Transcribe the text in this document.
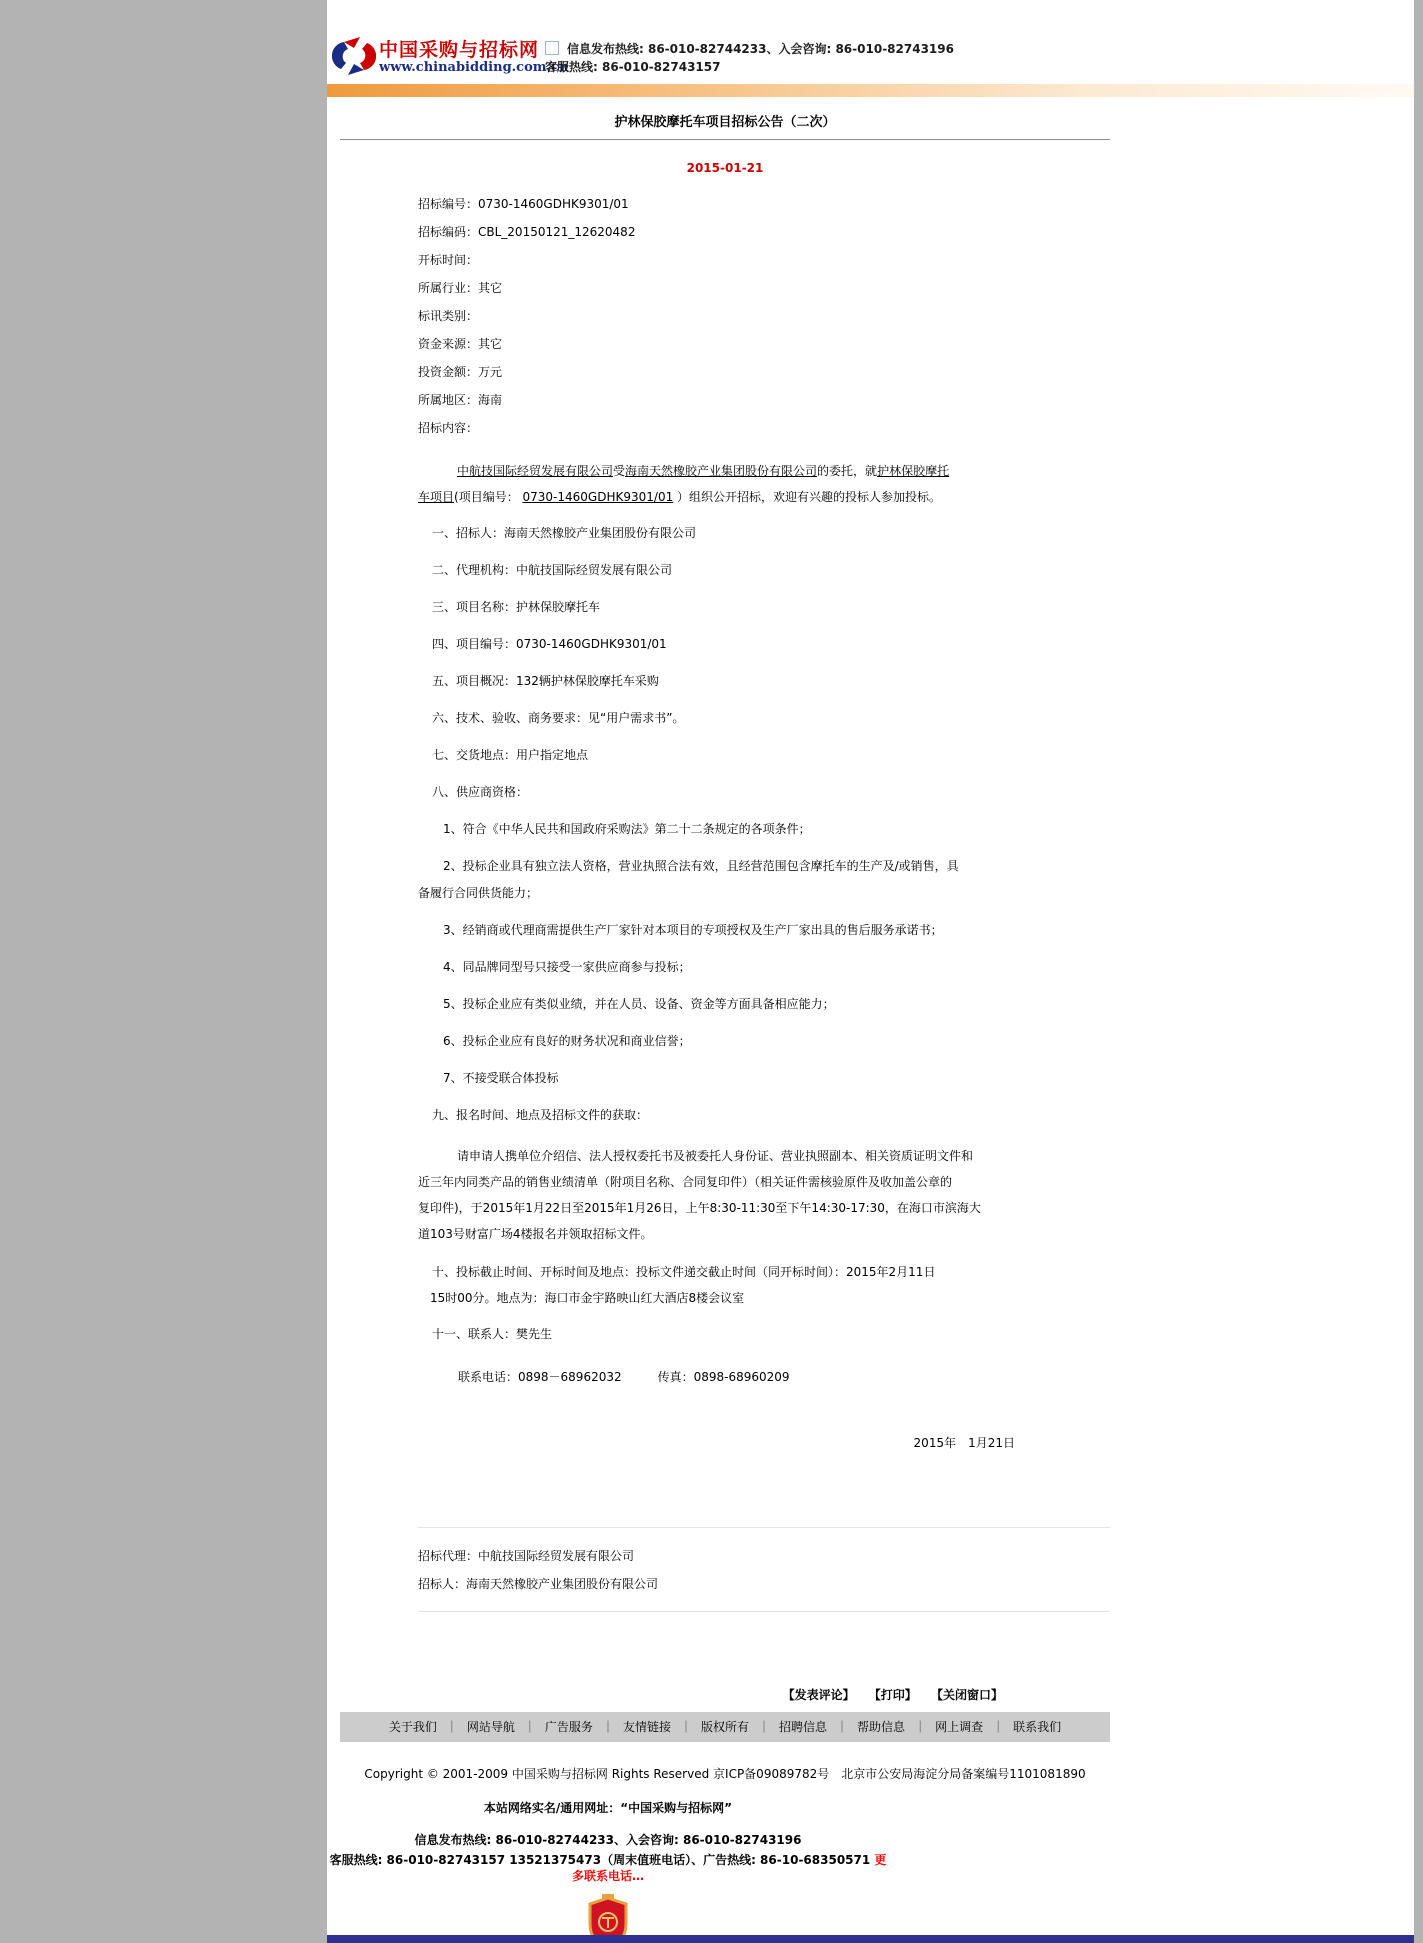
中国采购与招标网
www.chinabidding.com.cn
信息发布热线: 86-010-82744233、入会咨询: 86-010-82743196
客服热线: 86-010-82743157
护林保胶摩托车项目招标公告（二次）
2015-01-21
招标编号：0730-1460GDHK9301/01
招标编码：CBL_20150121_12620482
开标时间：
所属行业：其它
标讯类别：
资金来源：其它
投资金额：万元
所属地区：海南
招标内容：
中航技国际经贸发展有限公司受海南天然橡胶产业集团股份有限公司的委托，就护林保胶摩托
车项目(项目编号： 0730-1460GDHK9301/01 ）组织公开招标，欢迎有兴趣的投标人参加投标。
一、招标人：海南天然橡胶产业集团股份有限公司
二、代理机构：中航技国际经贸发展有限公司
三、项目名称：护林保胶摩托车
四、项目编号：0730-1460GDHK9301/01
五、项目概况：132辆护林保胶摩托车采购
六、技术、验收、商务要求：见“用户需求书”。
七、交货地点：用户指定地点
八、供应商资格：
1、符合《中华人民共和国政府采购法》第二十二条规定的各项条件；
2、投标企业具有独立法人资格，营业执照合法有效，且经营范围包含摩托车的生产及/或销售，具
备履行合同供货能力；
3、经销商或代理商需提供生产厂家针对本项目的专项授权及生产厂家出具的售后服务承诺书；
4、同品牌同型号只接受一家供应商参与投标；
5、投标企业应有类似业绩，并在人员、设备、资金等方面具备相应能力；
6、投标企业应有良好的财务状况和商业信誉；
7、不接受联合体投标
九、报名时间、地点及招标文件的获取：
请申请人携单位介绍信、法人授权委托书及被委托人身份证、营业执照副本、相关资质证明文件和
近三年内同类产品的销售业绩清单（附项目名称、合同复印件）（相关证件需核验原件及收加盖公章的
复印件)，于2015年1月22日至2015年1月26日，上午8:30-11:30至下午14:30-17:30，在海口市滨海大
道103号财富广场4楼报名并领取招标文件。
十、投标截止时间、开标时间及地点：投标文件递交截止时间（同开标时间）：2015年2月11日
15时00分。地点为：海口市金宇路映山红大酒店8楼会议室
十一、联系人：樊先生
联系电话：0898－68962032　　　传真：0898-68960209
2015年　1月21日
招标代理：中航技国际经贸发展有限公司
招标人：海南天然橡胶产业集团股份有限公司
【发表评论】 【打印】 【关闭窗口】
关于我们 ｜ 网站导航 ｜ 广告服务 ｜ 友情链接 ｜ 版权所有 ｜ 招聘信息 ｜ 帮助信息 ｜ 网上调查 ｜ 联系我们
Copyright © 2001-2009 中国采购与招标网 Rights Reserved 京ICP备09089782号　北京市公安局海淀分局备案编号1101081890
本站网络实名/通用网址：“中国采购与招标网”
信息发布热线: 86-010-82744233、入会咨询: 86-010-82743196
客服热线: 86-010-82743157 13521375473（周末值班电话）、广告热线: 86-10-68350571 更多联系电话…
